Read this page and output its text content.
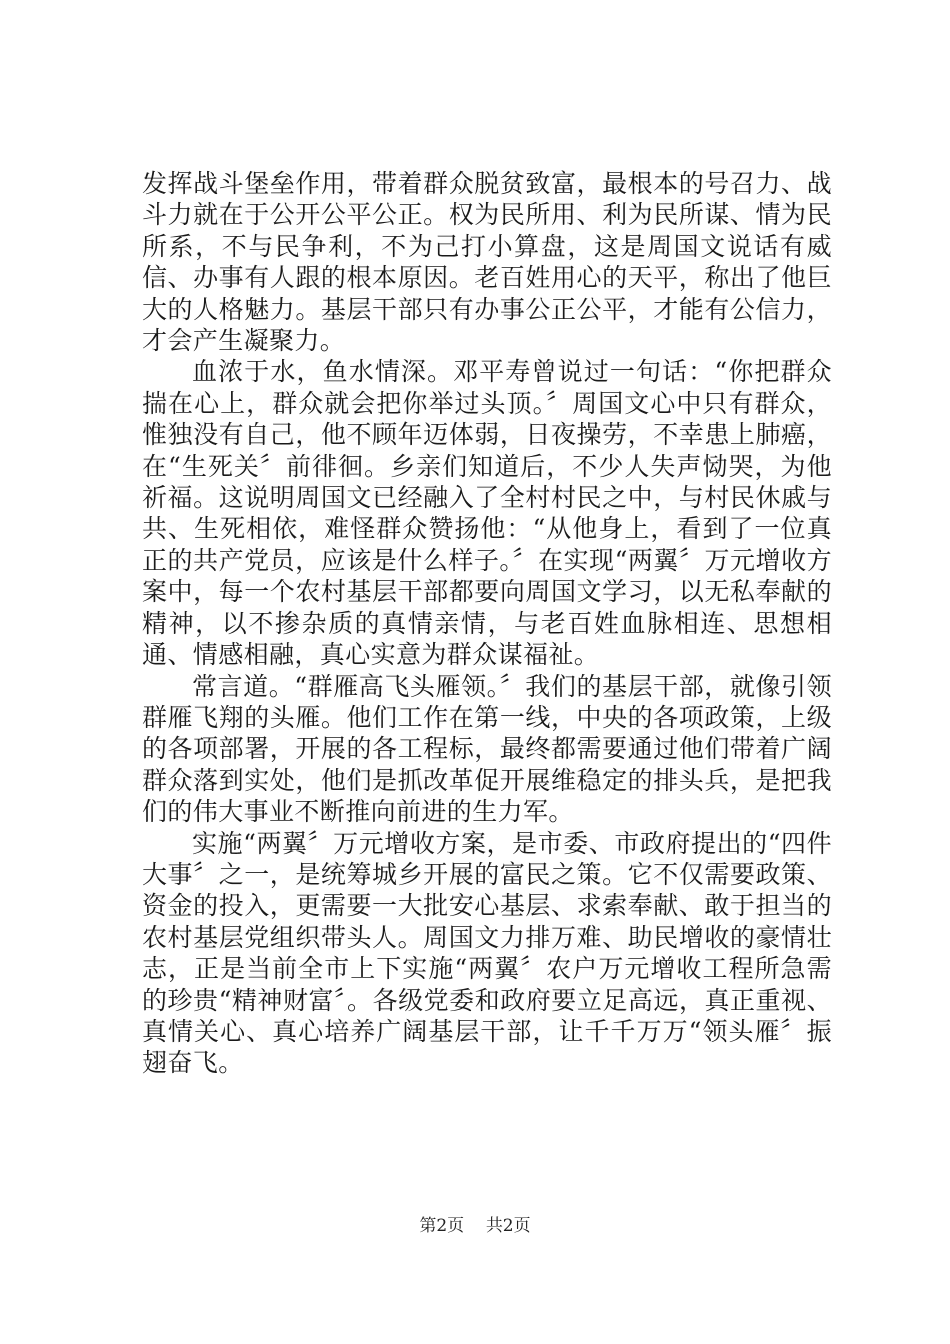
发挥战斗堡垒作用，带着群众脱贫致富，最根本的号召力、战斗力就在于公开公平公正。权为民所用、利为民所谋、情为民所系，不与民争利，不为己打小算盘，这是周国文说话有威信、办事有人跟的根本原因。老百姓用心的天平，称出了他巨大的人格魅力。基层干部只有办事公正公平，才能有公信力，才会产生凝聚力。

血浓于水，鱼水情深。邓平寿曾说过一句话：“你把群众揣在心上，群众就会把你举过头顶。〞周国文心中只有群众，惟独没有自己，他不顾年迈体弱，日夜操劳，不幸患上肺癌，在“生死关〞前徘徊。乡亲们知道后，不少人失声恸哭，为他祈福。这说明周国文已经融入了全村村民之中，与村民休戚与共、生死相依，难怪群众赞扬他：“从他身上，看到了一位真正的共产党员，应该是什么样子。〞在实现“两翼〞万元增收方案中，每一个农村基层干部都要向周国文学习，以无私奉献的精神，以不掺杂质的真情亲情，与老百姓血脉相连、思想相通、情感相融，真心实意为群众谋福祉。

常言道。“群雁高飞头雁领。〞我们的基层干部，就像引领群雁飞翔的头雁。他们工作在第一线，中央的各项政策，上级的各项部署，开展的各工程标，最终都需要通过他们带着广阔群众落到实处，他们是抓改革促开展维稳定的排头兵，是把我们的伟大事业不断推向前进的生力军。

实施“两翼〞万元增收方案，是市委、市政府提出的“四件大事〞之一，是统筹城乡开展的富民之策。它不仅需要政策、资金的投入，更需要一大批安心基层、求索奉献、敢于担当的农村基层党组织带头人。周国文力排万难、助民增收的豪情壮志，正是当前全市上下实施“两翼〞农户万元增收工程所急需的珍贵“精神财富〞。各级党委和政府要立足高远，真正重视、真情关心、真心培养广阔基层干部，让千千万万“领头雁〞振翅奋飞。

第2页 共2页
